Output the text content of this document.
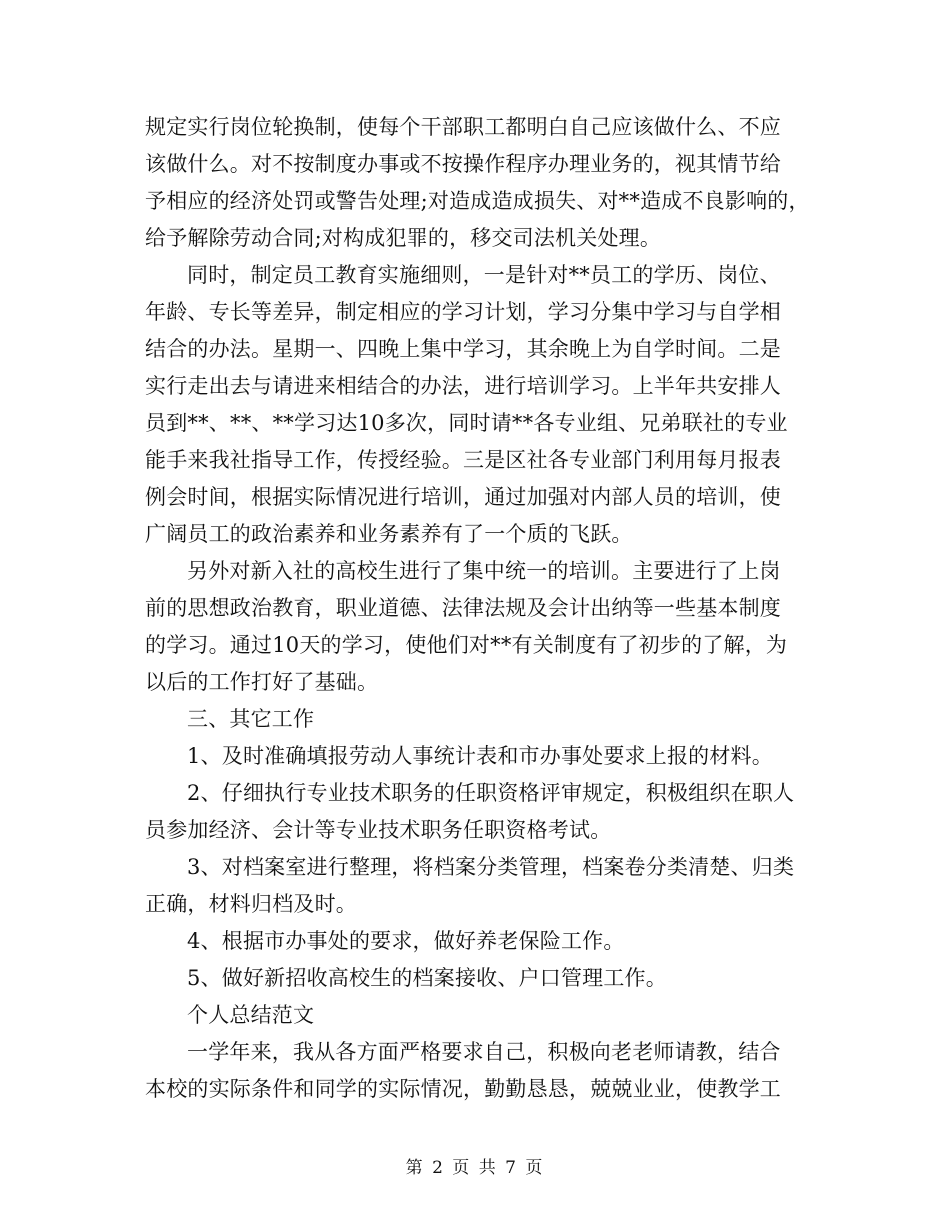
规定实行岗位轮换制，使每个干部职工都明白自己应该做什么、不应
该做什么。对不按制度办事或不按操作程序办理业务的，视其情节给
予相应的经济处罚或警告处理;对造成造成损失、对**造成不良影响的，
给予解除劳动合同;对构成犯罪的，移交司法机关处理。
同时，制定员工教育实施细则，一是针对**员工的学历、岗位、
年龄、专长等差异，制定相应的学习计划，学习分集中学习与自学相
结合的办法。星期一、四晚上集中学习，其余晚上为自学时间。二是
实行走出去与请进来相结合的办法，进行培训学习。上半年共安排人
员到**、**、**学习达10多次，同时请**各专业组、兄弟联社的专业
能手来我社指导工作，传授经验。三是区社各专业部门利用每月报表
例会时间，根据实际情况进行培训，通过加强对内部人员的培训，使
广阔员工的政治素养和业务素养有了一个质的飞跃。
另外对新入社的高校生进行了集中统一的培训。主要进行了上岗
前的思想政治教育，职业道德、法律法规及会计出纳等一些基本制度
的学习。通过10天的学习，使他们对**有关制度有了初步的了解，为
以后的工作打好了基础。
三、其它工作
1、及时准确填报劳动人事统计表和市办事处要求上报的材料。
2、仔细执行专业技术职务的任职资格评审规定，积极组织在职人
员参加经济、会计等专业技术职务任职资格考试。
3、对档案室进行整理，将档案分类管理，档案卷分类清楚、归类
正确，材料归档及时。
4、根据市办事处的要求，做好养老保险工作。
5、做好新招收高校生的档案接收、户口管理工作。
个人总结范文
一学年来，我从各方面严格要求自己，积极向老老师请教，结合
本校的实际条件和同学的实际情况，勤勤恳恳，兢兢业业，使教学工
第 2 页 共 7 页
